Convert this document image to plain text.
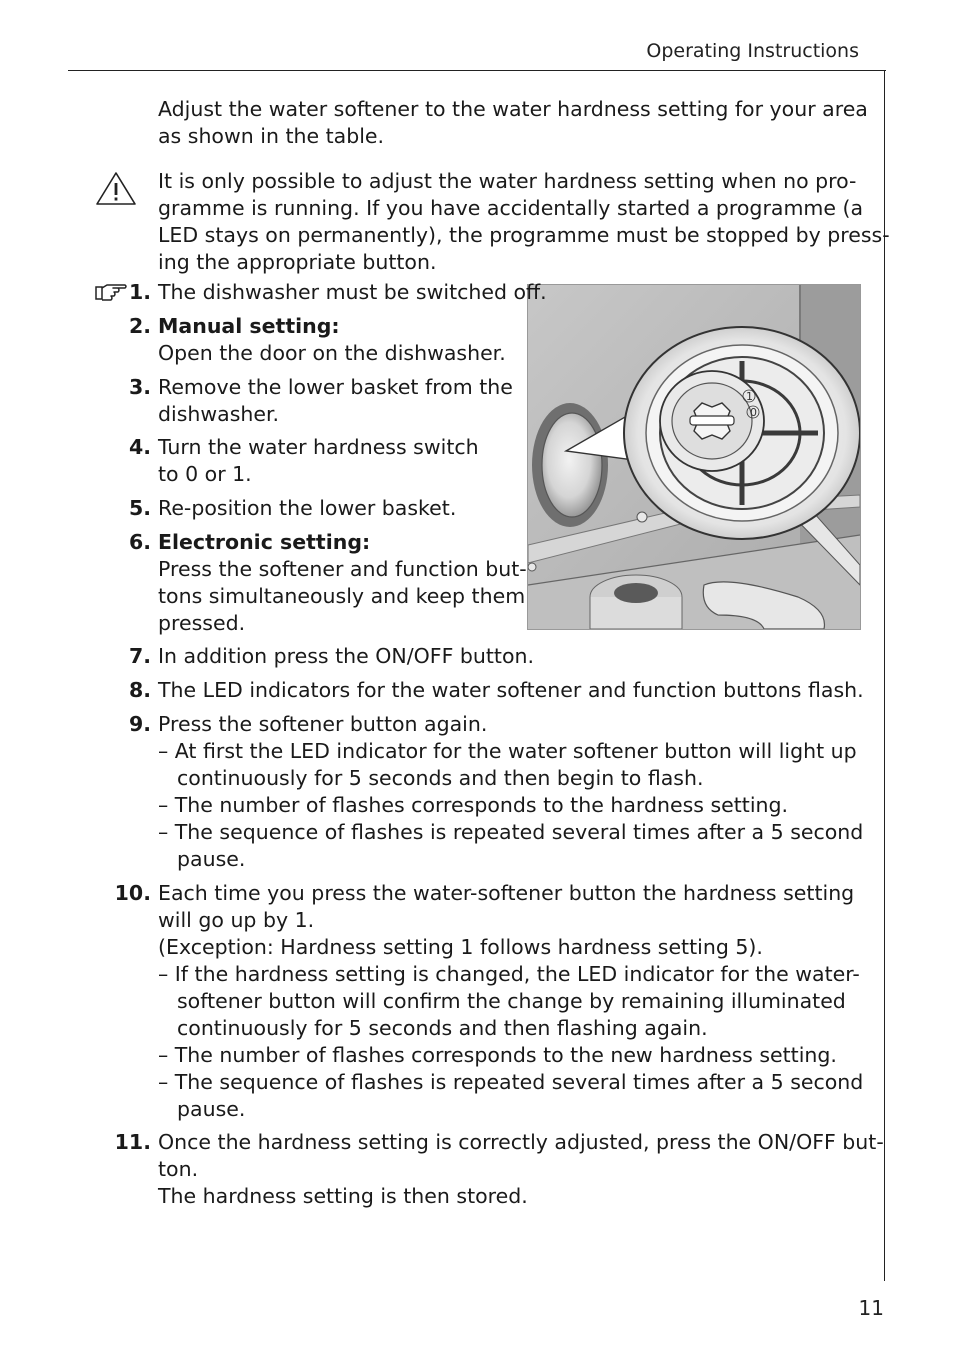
Operating Instructions
Adjust the water softener to the water hardness setting for your area
as shown in the table.
It is only possible to adjust the water hardness setting when no pro-
gramme is running. If you have accidentally started a programme (a
LED stays on permanently), the programme must be stopped by press-
ing the appropriate button.
1
0
1. The dishwasher must be switched off.
2. Manual setting:
Open the door on the dishwasher.
3. Remove the lower basket from the
dishwasher.
4. Turn the water hardness switch
to 0 or 1.
5. Re-position the lower basket.
6. Electronic setting:
Press the softener and function but-
tons simultaneously and keep them
pressed.
7. In addition press the ON/OFF button.
8. The LED indicators for the water softener and function buttons flash.
9. Press the softener button again.
– At first the LED indicator for the water softener button will light up
continuously for 5 seconds and then begin to flash.
– The number of flashes corresponds to the hardness setting.
– The sequence of flashes is repeated several times after a 5 second
pause.
10. Each time you press the water-softener button the hardness setting
will go up by 1.
(Exception: Hardness setting 1 follows hardness setting 5).
– If the hardness setting is changed, the LED indicator for the water-
softener button will confirm the change by remaining illuminated
continuously for 5 seconds and then flashing again.
– The number of flashes corresponds to the new hardness setting.
– The sequence of flashes is repeated several times after a 5 second
pause.
11. Once the hardness setting is correctly adjusted, press the ON/OFF but-
ton.
The hardness setting is then stored.
11
